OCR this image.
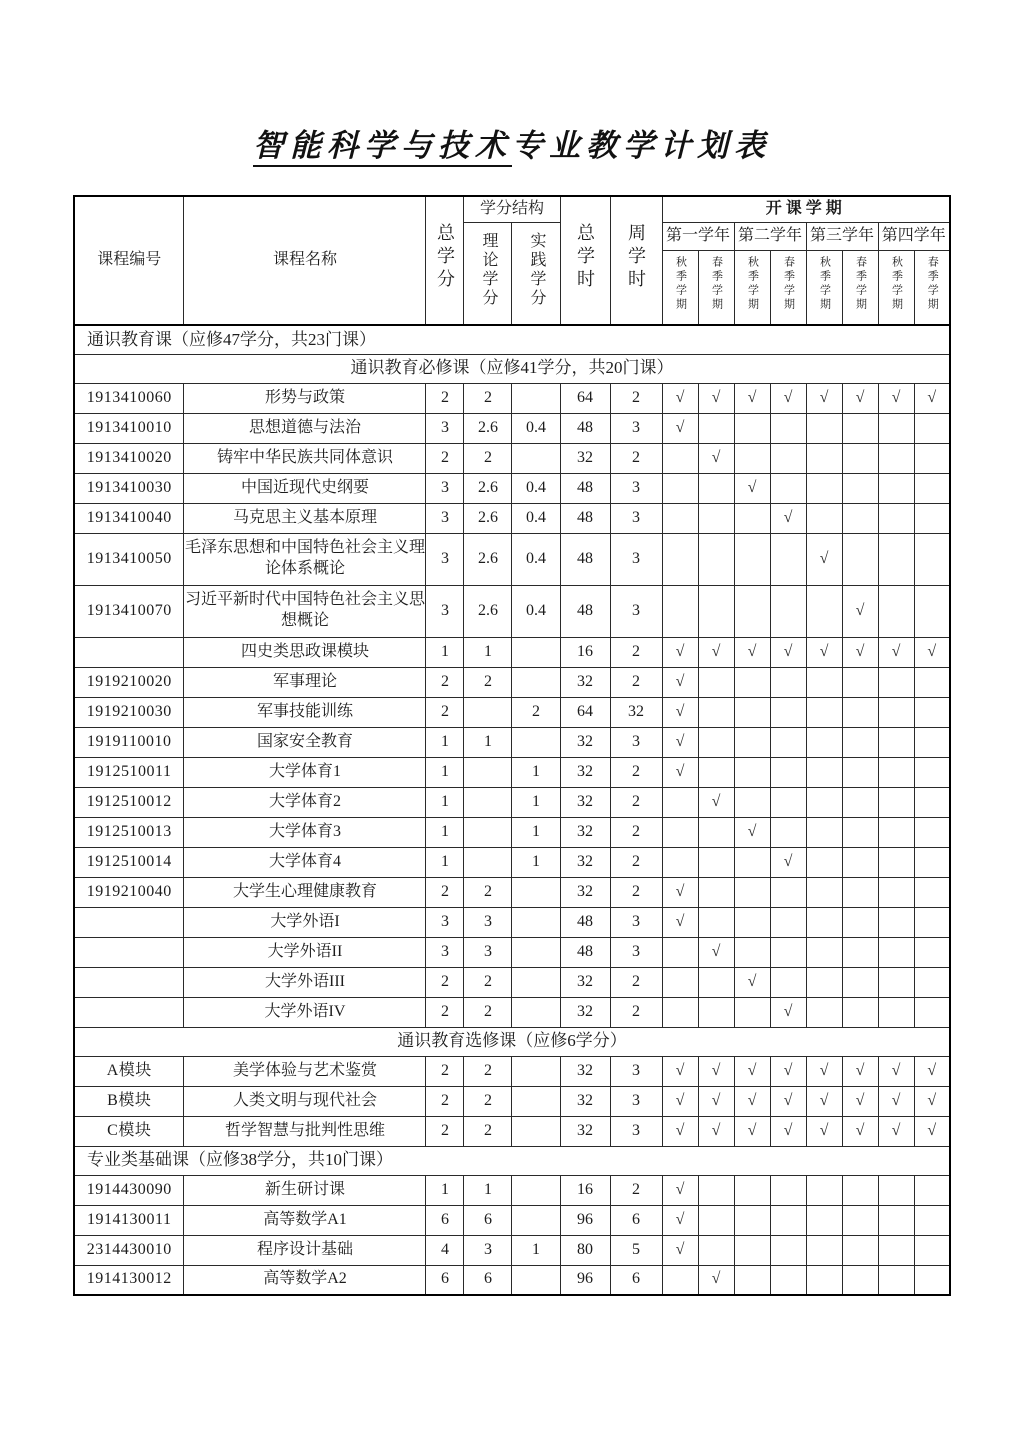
智能科学与技术专业教学计划表
课程编号	课程名称	总学分	学分结构		总学时	周学时	开课学期							
			理论学分	实践学分			第一学年		第二学年		第三学年		第四学年	
							秋季学期	春季学期	秋季学期	春季学期	秋季学期	春季学期	秋季学期	春季学期
通识教育课（应修47学分，共23门课）														
通识教育必修课（应修41学分，共20门课）														
1913410060	形势与政策	2	2		64	2	√	√	√	√	√	√	√	√
1913410010	思想道德与法治	3	2.6	0.4	48	3	√							
1913410020	铸牢中华民族共同体意识	2	2		32	2		√						
1913410030	中国近现代史纲要	3	2.6	0.4	48	3			√					
1913410040	马克思主义基本原理	3	2.6	0.4	48	3				√				
1913410050	毛泽东思想和中国特色社会主义理论体系概论	3	2.6	0.4	48	3					√			
1913410070	习近平新时代中国特色社会主义思想概论	3	2.6	0.4	48	3						√		
	四史类思政课模块	1	1		16	2	√	√	√	√	√	√	√	√
1919210020	军事理论	2	2		32	2	√							
1919210030	军事技能训练	2		2	64	32	√							
1919110010	国家安全教育	1	1		32	3	√							
1912510011	大学体育1	1		1	32	2	√							
1912510012	大学体育2	1		1	32	2		√						
1912510013	大学体育3	1		1	32	2			√					
1912510014	大学体育4	1		1	32	2				√				
1919210040	大学生心理健康教育	2	2		32	2	√							
	大学外语I	3	3		48	3	√							
	大学外语II	3	3		48	3		√						
	大学外语III	2	2		32	2			√					
	大学外语IV	2	2		32	2				√				
通识教育选修课（应修6学分）														
A模块	美学体验与艺术鉴赏	2	2		32	3	√	√	√	√	√	√	√	√
B模块	人类文明与现代社会	2	2		32	3	√	√	√	√	√	√	√	√
C模块	哲学智慧与批判性思维	2	2		32	3	√	√	√	√	√	√	√	√
专业类基础课（应修38学分，共10门课）														
1914430090	新生研讨课	1	1		16	2	√							
1914130011	高等数学A1	6	6		96	6	√							
2314430010	程序设计基础	4	3	1	80	5	√							
1914130012	高等数学A2	6	6		96	6		√						
